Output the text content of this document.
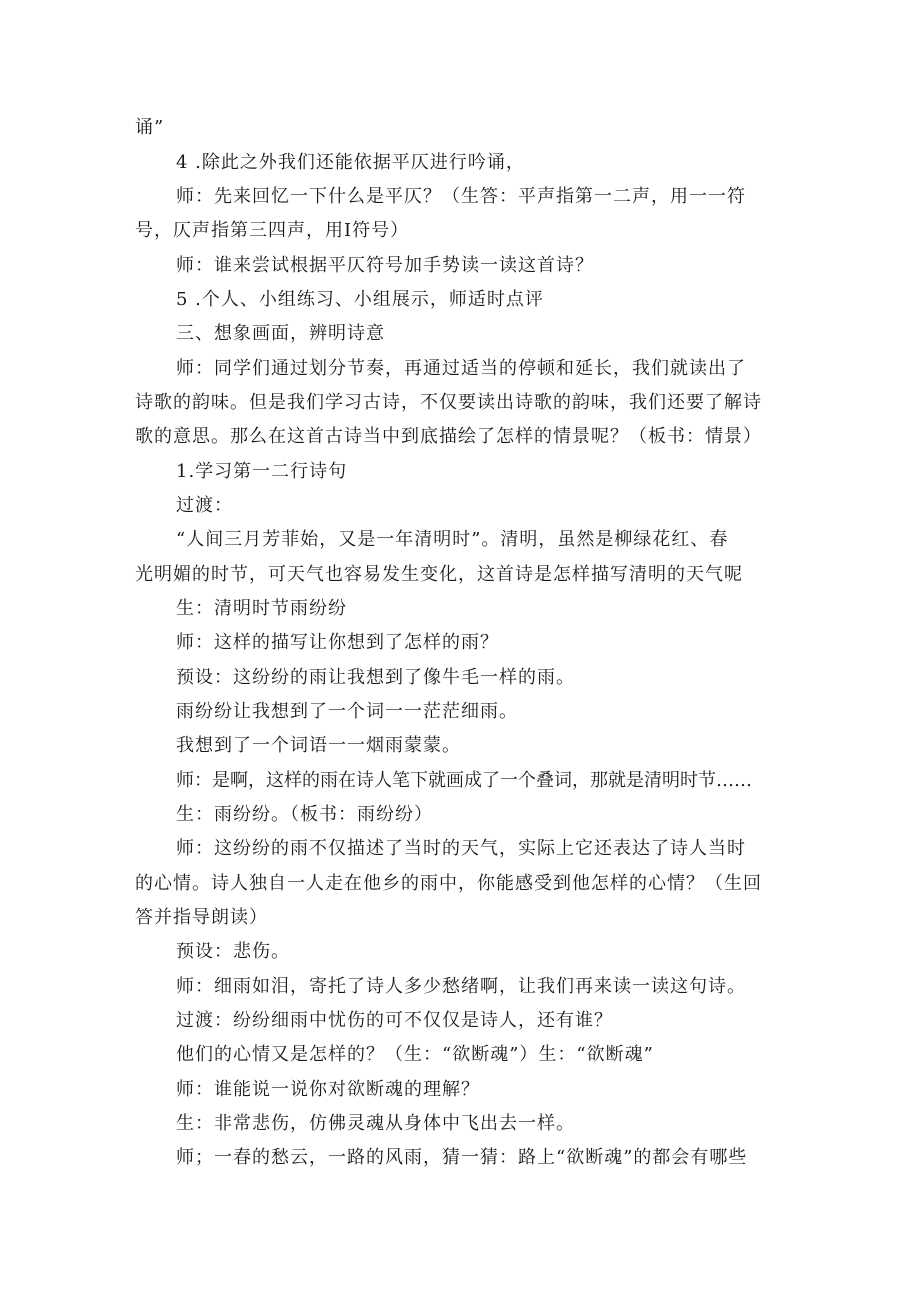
诵”
4 .除此之外我们还能依据平仄进行吟诵，
师：先来回忆一下什么是平仄？（生答：平声指第一二声，用一一符
号，仄声指第三四声，用Ⅰ符号）
师：谁来尝试根据平仄符号加手势读一读这首诗？
5 .个人、小组练习、小组展示，师适时点评
三、想象画面，辨明诗意
师：同学们通过划分节奏，再通过适当的停顿和延长，我们就读出了
诗歌的韵味。但是我们学习古诗，不仅要读出诗歌的韵味，我们还要了解诗
歌的意思。那么在这首古诗当中到底描绘了怎样的情景呢？（板书：情景）
1.学习第一二行诗句
过渡：
“人间三月芳菲始，又是一年清明时”。清明，虽然是柳绿花红、春
光明媚的时节，可天气也容易发生变化，这首诗是怎样描写清明的天气呢
生：清明时节雨纷纷
师：这样的描写让你想到了怎样的雨？
预设：这纷纷的雨让我想到了像牛毛一样的雨。
雨纷纷让我想到了一个词一一茫茫细雨。
我想到了一个词语一一烟雨蒙蒙。
师：是啊，这样的雨在诗人笔下就画成了一个叠词，那就是清明时节……
生：雨纷纷。（板书：雨纷纷）
师：这纷纷的雨不仅描述了当时的天气，实际上它还表达了诗人当时
的心情。诗人独自一人走在他乡的雨中，你能感受到他怎样的心情？（生回
答并指导朗读）
预设：悲伤。
师：细雨如泪，寄托了诗人多少愁绪啊，让我们再来读一读这句诗。
过渡：纷纷细雨中忧伤的可不仅仅是诗人，还有谁？
他们的心情又是怎样的？（生：“欲断魂”）生：“欲断魂”
师：谁能说一说你对欲断魂的理解？
生：非常悲伤，仿佛灵魂从身体中飞出去一样。
师；一春的愁云，一路的风雨，猜一猜：路上“欲断魂”的都会有哪些
